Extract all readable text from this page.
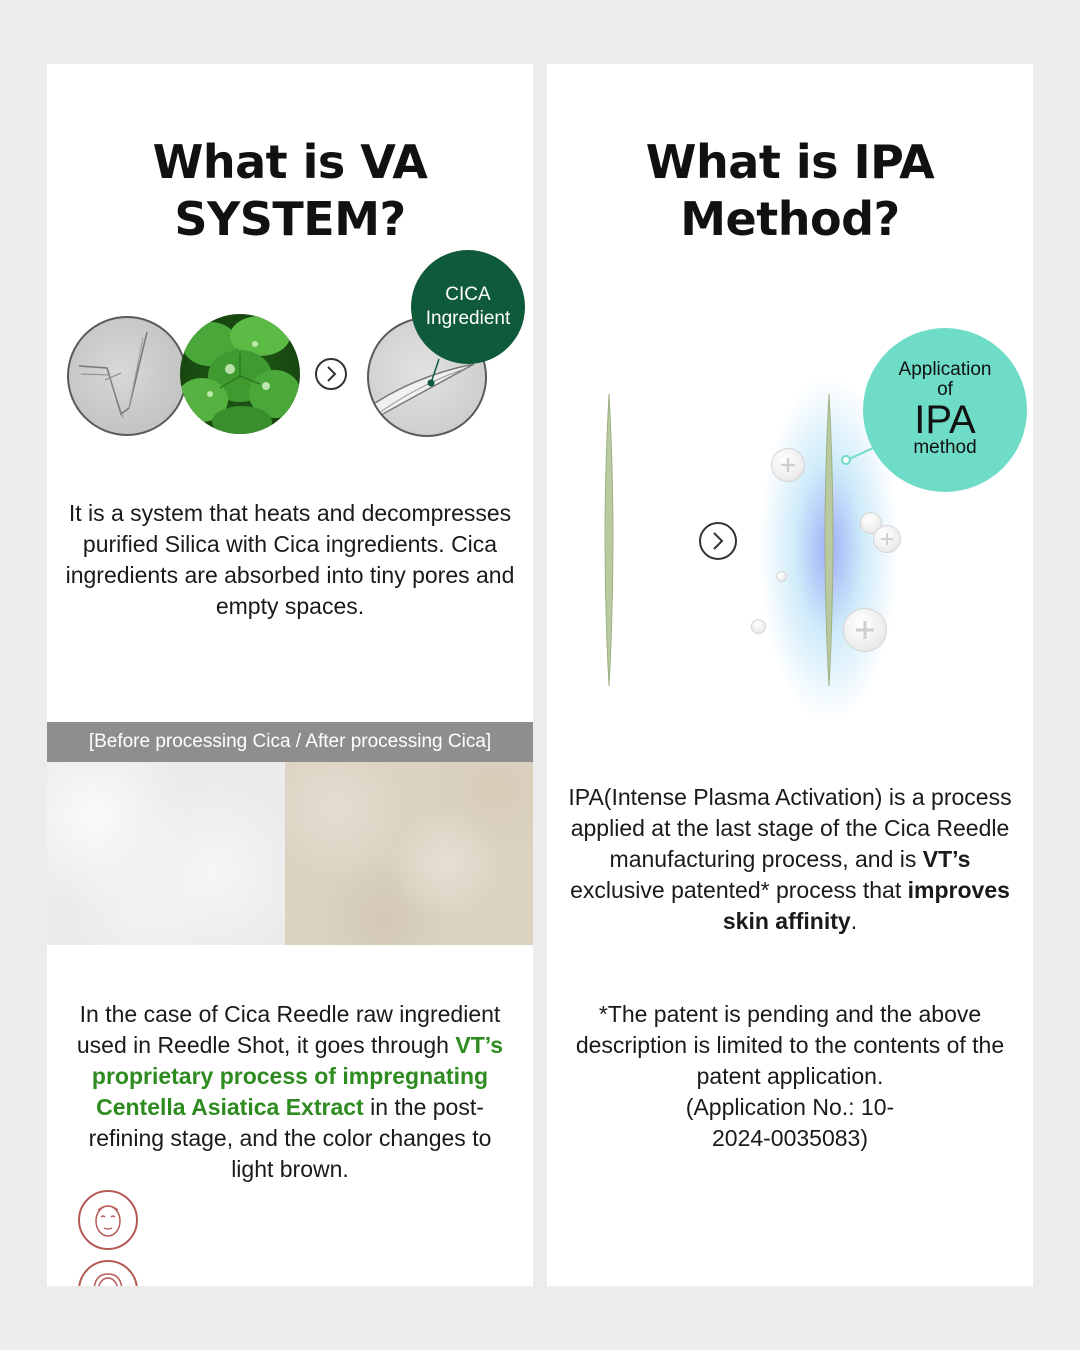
What is VA
SYSTEM?
CICA
Ingredient

It is a system that heats and decompresses purified Silica with Cica ingredients. Cica ingredients are absorbed into tiny pores and empty spaces.

[Before processing Cica / After processing Cica]

In the case of Cica Reedle raw ingredient used in Reedle Shot, it goes through VT’s proprietary process of impregnating Centella Asiatica Extract in the post-refining stage, and the color changes to light brown.

What is IPA
Method?
Application
of
IPA
method

IPA(Intense Plasma Activation) is a process applied at the last stage of the Cica Reedle manufacturing process, and is VT’s exclusive patented* process that improves skin affinity.

*The patent is pending and the above description is limited to the contents of the patent application.

(Application No.: 10-2024-0035083)
